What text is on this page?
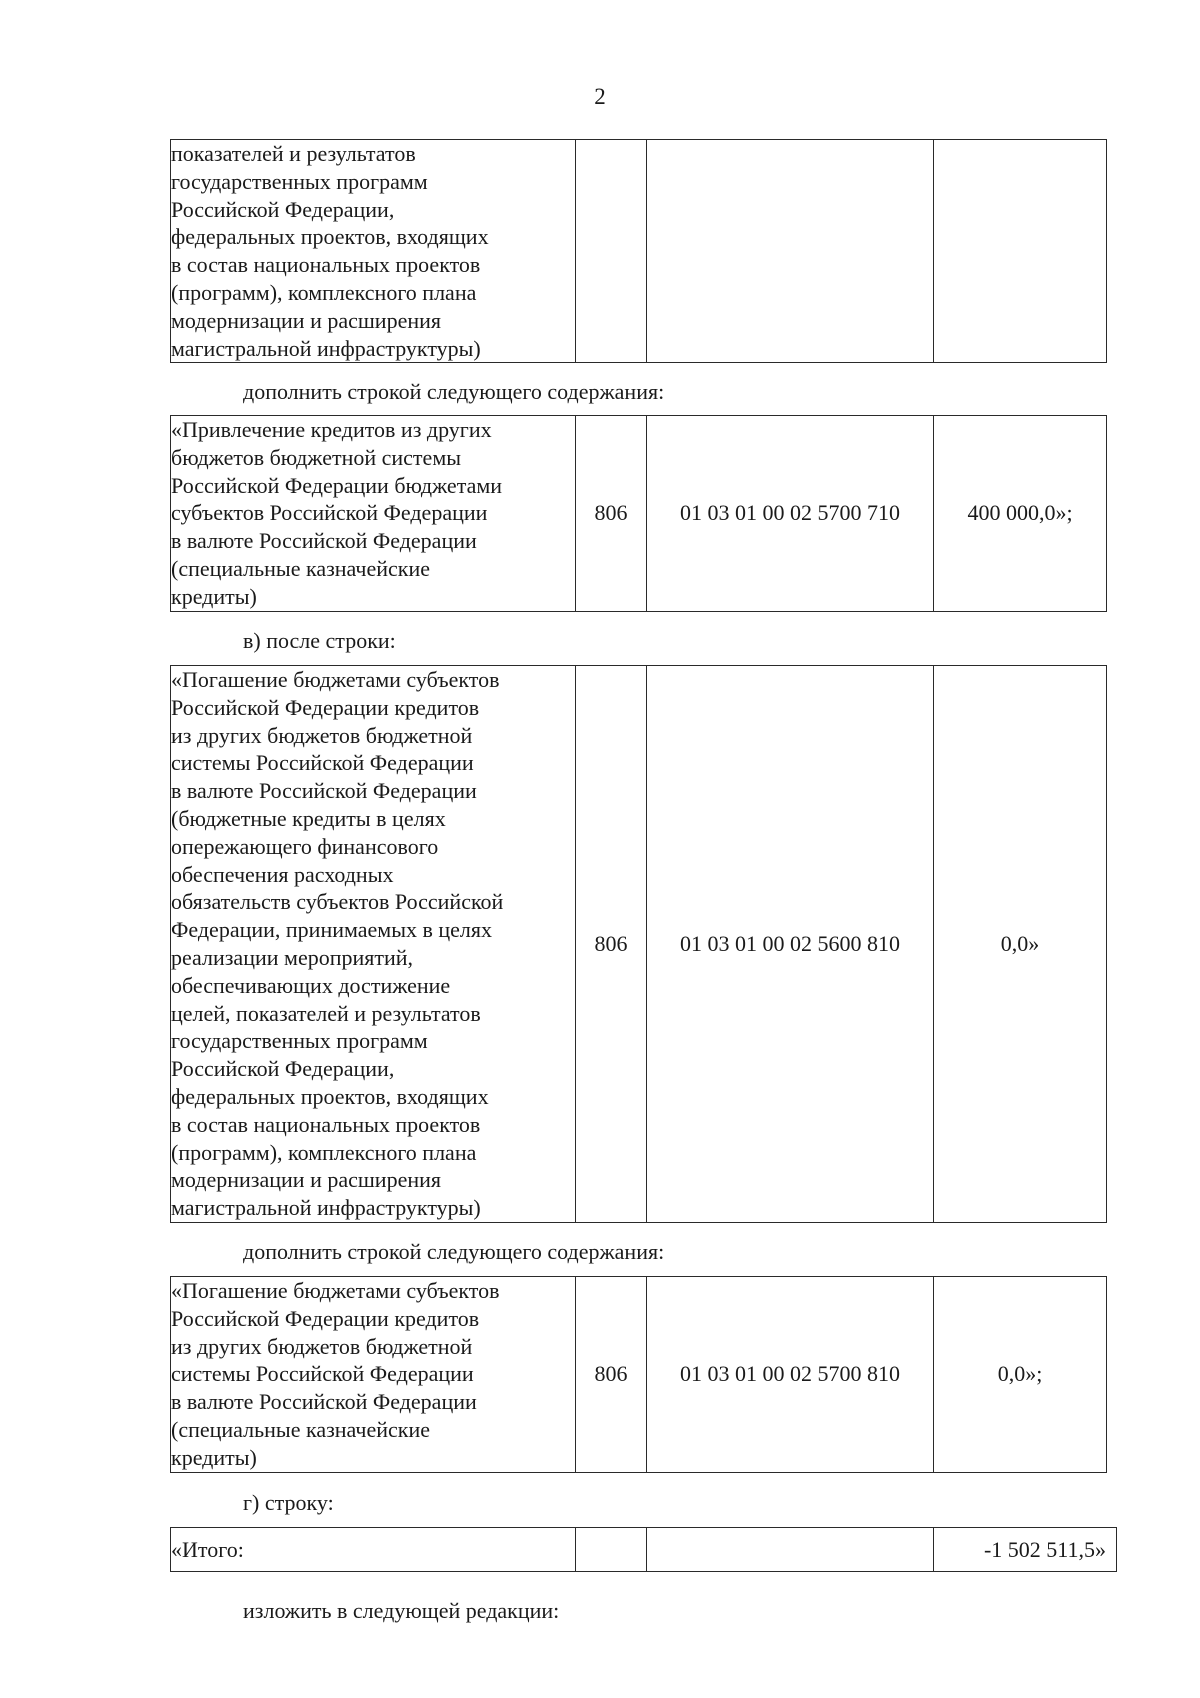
2
показателей и результатов
государственных программ
Российской Федерации,
федеральных проектов, входящих
в состав национальных проектов
(программ), комплексного плана
модернизации и расширения
магистральной инфраструктуры)

дополнить строкой следующего содержания:
«Привлечение кредитов из других
бюджетов бюджетной системы
Российской Федерации бюджетами
субъектов Российской Федерации
в валюте Российской Федерации
(специальные казначейские
кредиты)
	806	01 03 01 00 02 5700 710	400 000,0»;
в) после строки:
«Погашение бюджетами субъектов
Российской Федерации кредитов
из других бюджетов бюджетной
системы Российской Федерации
в валюте Российской Федерации
(бюджетные кредиты в целях
опережающего финансового
обеспечения расходных
обязательств субъектов Российской
Федерации, принимаемых в целях
реализации мероприятий,
обеспечивающих достижение
целей, показателей и результатов
государственных программ
Российской Федерации,
федеральных проектов, входящих
в состав национальных проектов
(программ), комплексного плана
модернизации и расширения
магистральной инфраструктуры)
	806	01 03 01 00 02 5600 810	0,0»
дополнить строкой следующего содержания:
«Погашение бюджетами субъектов
Российской Федерации кредитов
из других бюджетов бюджетной
системы Российской Федерации
в валюте Российской Федерации
(специальные казначейские
кредиты)
	806	01 03 01 00 02 5700 810	0,0»;
г) строку:
«Итого:			-1 502 511,5»
изложить в следующей редакции:
